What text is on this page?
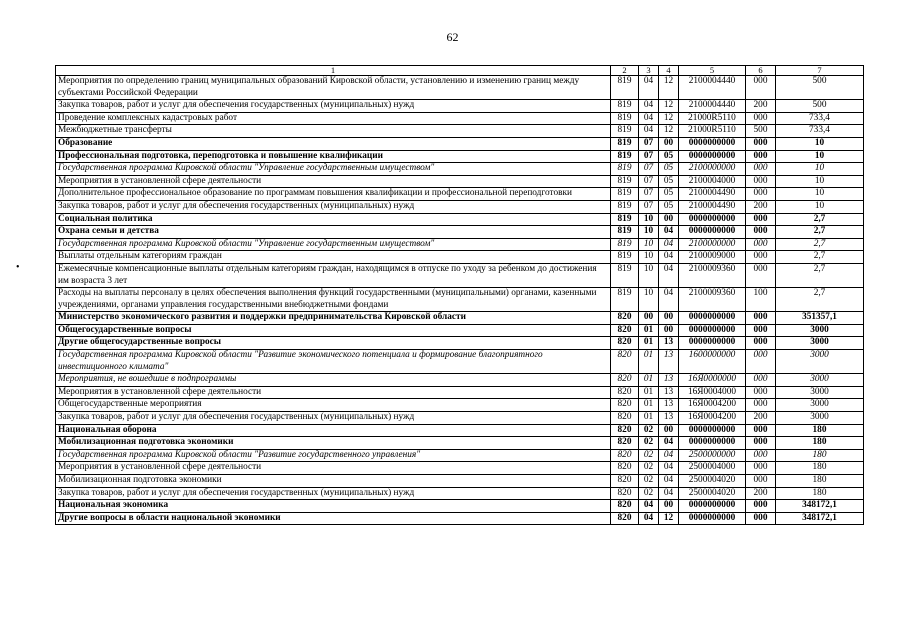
62
•
1	2	3	4	5	6	7
Мероприятия по определению границ муниципальных образований Кировской области, установлению и изменению границ между субъектами Российской Федерации	819	04	12	2100004440	000	500
Закупка товаров, работ и услуг для обеспечения государственных (муниципальных) нужд	819	04	12	2100004440	200	500
Проведение комплексных кадастровых работ	819	04	12	21000R5110	000	733,4
Межбюджетные трансферты	819	04	12	21000R5110	500	733,4
Образование	819	07	00	0000000000	000	10
Профессиональная подготовка, переподготовка и повышение квалификации	819	07	05	0000000000	000	10
Государственная программа Кировской области "Управление государственным имуществом"	819	07	05	2100000000	000	10
Мероприятия в установленной сфере деятельности	819	07	05	2100004000	000	10
Дополнительное профессиональное образование по программам повышения квалификации и профессиональной переподготовки	819	07	05	2100004490	000	10
Закупка товаров, работ и услуг для обеспечения государственных (муниципальных) нужд	819	07	05	2100004490	200	10
Социальная политика	819	10	00	0000000000	000	2,7
Охрана семьи и детства	819	10	04	0000000000	000	2,7
Государственная программа Кировской области "Управление государственным имуществом"	819	10	04	2100000000	000	2,7
Выплаты отдельным категориям граждан	819	10	04	2100009000	000	2,7
Ежемесячные компенсационные выплаты отдельным категориям граждан, находящимся в отпуске по уходу за ребенком до достижения им возраста 3 лет	819	10	04	2100009360	000	2,7
Расходы на выплаты персоналу в целях обеспечения выполнения функций государственными (муниципальными) органами, казенными учреждениями, органами управления государственными внебюджетными фондами	819	10	04	2100009360	100	2,7
Министерство экономического развития и поддержки предпринимательства Кировской области	820	00	00	0000000000	000	351357,1
Общегосударственные вопросы	820	01	00	0000000000	000	3000
Другие общегосударственные вопросы	820	01	13	0000000000	000	3000
Государственная программа Кировской области "Развитие экономического потенциала и формирование благоприятного инвестиционного климата"	820	01	13	1600000000	000	3000
Мероприятия, не вошедшие в подпрограммы	820	01	13	16Я0000000	000	3000
Мероприятия в установленной сфере деятельности	820	01	13	16Я0004000	000	3000
Общегосударственные мероприятия	820	01	13	16Я0004200	000	3000
Закупка товаров, работ и услуг для обеспечения государственных (муниципальных) нужд	820	01	13	16Я0004200	200	3000
Национальная оборона	820	02	00	0000000000	000	180
Мобилизационная подготовка экономики	820	02	04	0000000000	000	180
Государственная программа Кировской области "Развитие государственного управления"	820	02	04	2500000000	000	180
Мероприятия в установленной сфере деятельности	820	02	04	2500004000	000	180
Мобилизационная подготовка экономики	820	02	04	2500004020	000	180
Закупка товаров, работ и услуг для обеспечения государственных (муниципальных) нужд	820	02	04	2500004020	200	180
Национальная экономика	820	04	00	0000000000	000	348172,1
Другие вопросы в области национальной экономики	820	04	12	0000000000	000	348172,1
